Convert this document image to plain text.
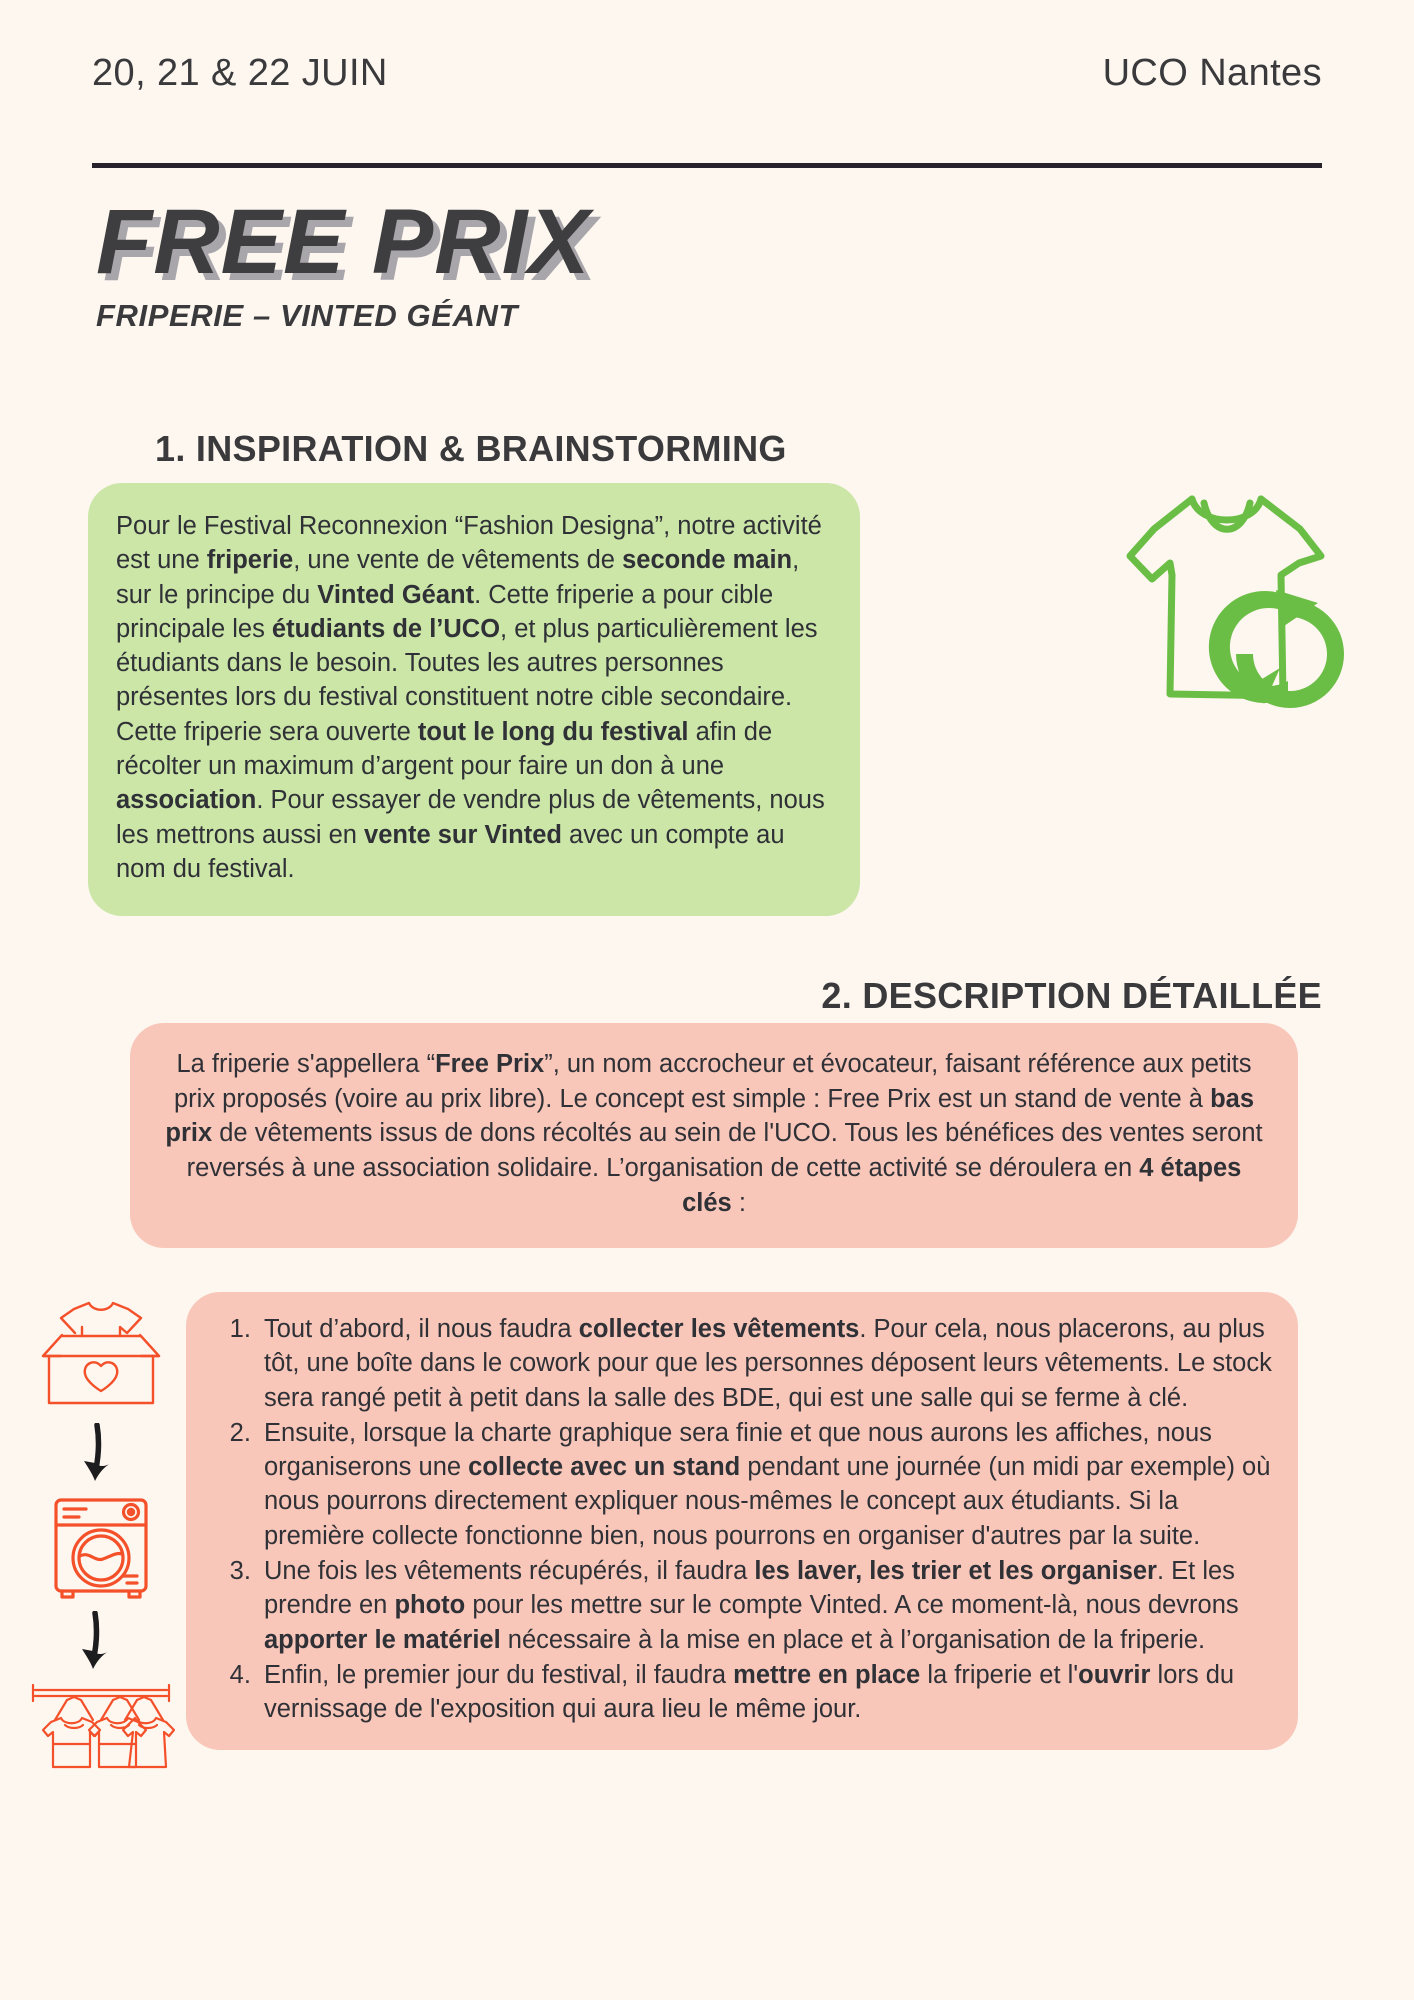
20, 21 & 22 JUIN	UCO Nantes
FREE PRIX
FRIPERIE – VINTED GÉANT
1. INSPIRATION & BRAINSTORMING
Pour le Festival Reconnexion “Fashion Designa”, notre activité est une friperie, une vente de vêtements de seconde main, sur le principe du Vinted Géant. Cette friperie a pour cible principale les étudiants de l’UCO, et plus particulièrement les étudiants dans le besoin. Toutes les autres personnes présentes lors du festival constituent notre cible secondaire. Cette friperie sera ouverte tout le long du festival afin de récolter un maximum d’argent pour faire un don à une association. Pour essayer de vendre plus de vêtements, nous les mettrons aussi en vente sur Vinted avec un compte au nom du festival.
2. DESCRIPTION DÉTAILLÉE
La friperie s'appellera “Free Prix”, un nom accrocheur et évocateur, faisant référence aux petits prix proposés (voire au prix libre). Le concept est simple : Free Prix est un stand de vente à bas prix de vêtements issus de dons récoltés au sein de l'UCO. Tous les bénéfices des ventes seront reversés à une association solidaire. L’organisation de cette activité se déroulera en 4 étapes clés :
1. Tout d’abord, il nous faudra collecter les vêtements. Pour cela, nous placerons, au plus tôt, une boîte dans le cowork pour que les personnes déposent leurs vêtements. Le stock sera rangé petit à petit dans la salle des BDE, qui est une salle qui se ferme à clé.
2. Ensuite, lorsque la charte graphique sera finie et que nous aurons les affiches, nous organiserons une collecte avec un stand pendant une journée (un midi par exemple) où nous pourrons directement expliquer nous-mêmes le concept aux étudiants. Si la première collecte fonctionne bien, nous pourrons en organiser d'autres par la suite.
3. Une fois les vêtements récupérés, il faudra les laver, les trier et les organiser. Et les prendre en photo pour les mettre sur le compte Vinted. A ce moment-là, nous devrons apporter le matériel nécessaire à la mise en place et à l’organisation de la friperie.
4. Enfin, le premier jour du festival, il faudra mettre en place la friperie et l'ouvrir lors du vernissage de l'exposition qui aura lieu le même jour.
